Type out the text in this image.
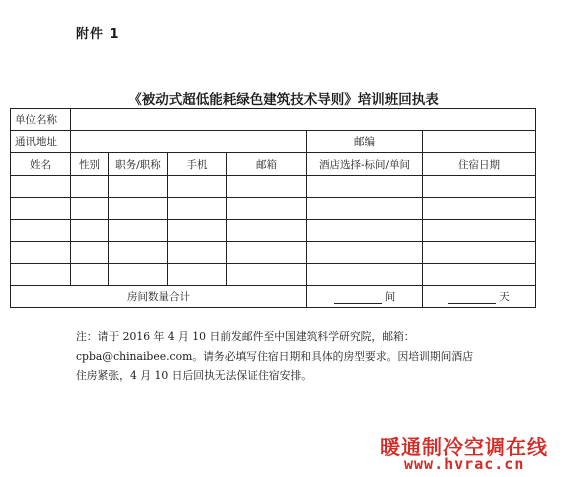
附件 1
《被动式超低能耗绿色建筑技术导则》培训班回执表
单位名称						
通讯地址					邮编	
姓名	性别	职务/职称	手机	邮箱	酒店选择-标间/单间	住宿日期

房间数量合计					间	天
注：请于 2016 年 4 月 10 日前发邮件至中国建筑科学研究院，邮箱：
cpba@chinaibee.com。请务必填写住宿日期和具体的房型要求。因培训期间酒店
住房紧张，4 月 10 日后回执无法保证住宿安排。
暖通制冷空调在线
www.hvrac.cn
